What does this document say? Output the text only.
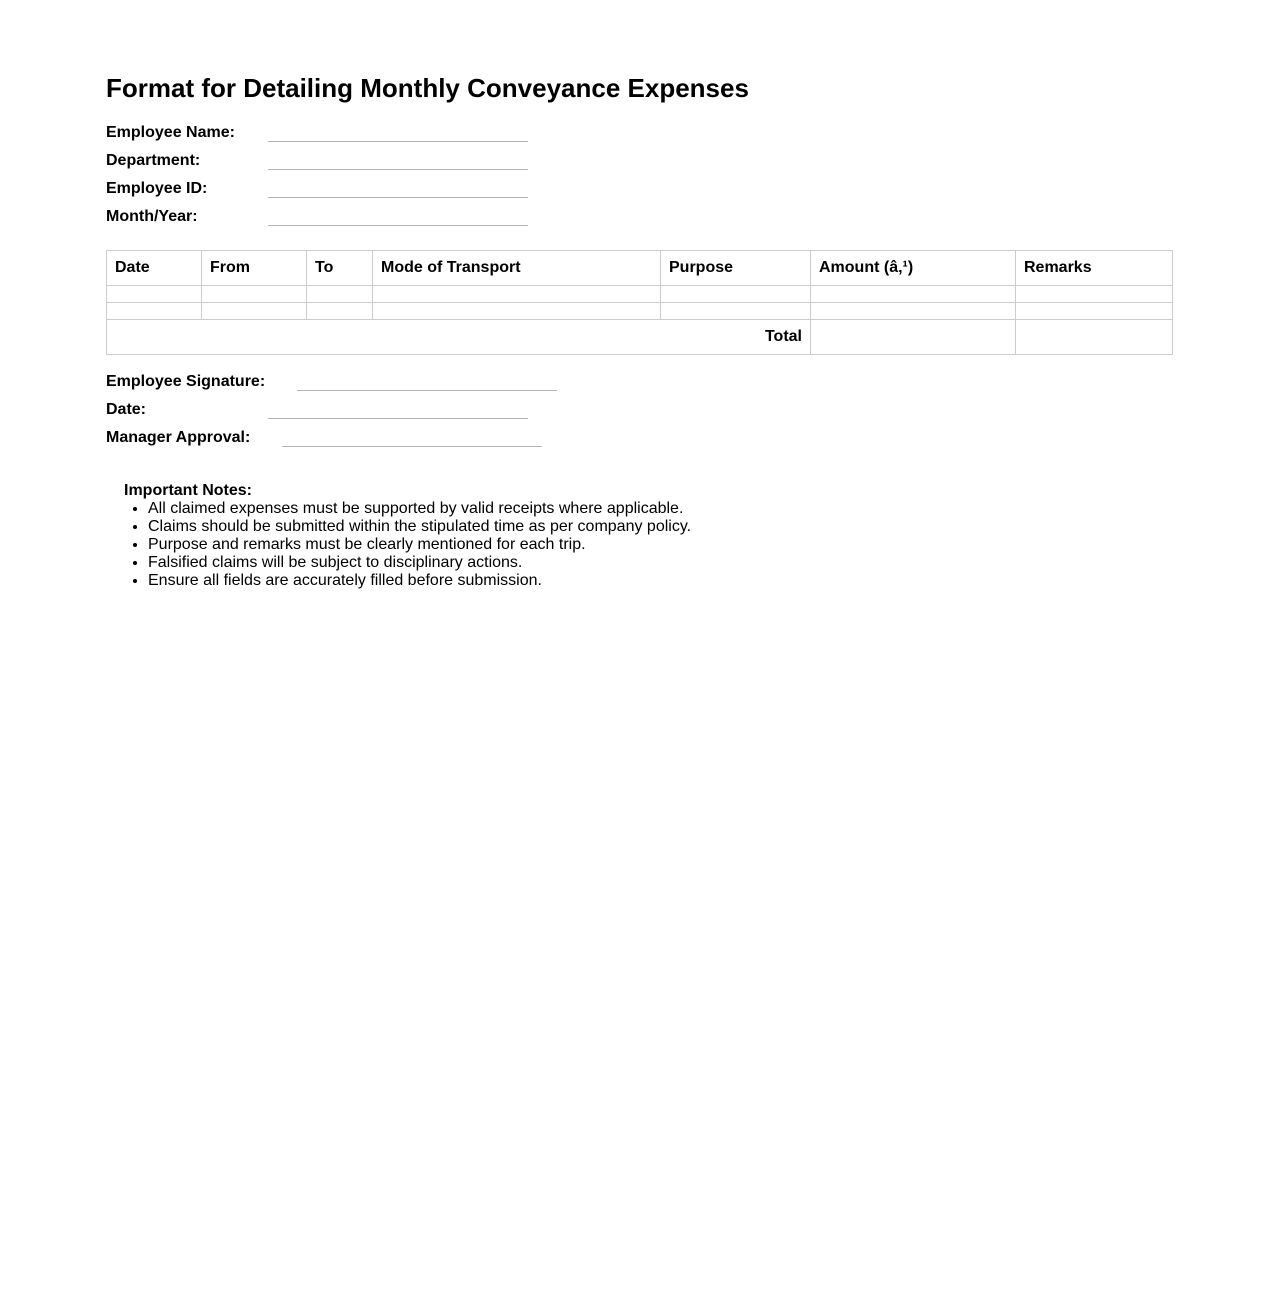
Format for Detailing Monthly Conveyance Expenses
Employee Name:
Department:
Employee ID:
Month/Year:
Date	From	To	Mode of Transport	Purpose	Amount (â‚¹)	Remarks

Total						
Employee Signature:
Date:
Manager Approval:

Important Notes:

• All claimed expenses must be supported by valid receipts where applicable.
• Claims should be submitted within the stipulated time as per company policy.
• Purpose and remarks must be clearly mentioned for each trip.
• Falsified claims will be subject to disciplinary actions.
• Ensure all fields are accurately filled before submission.
